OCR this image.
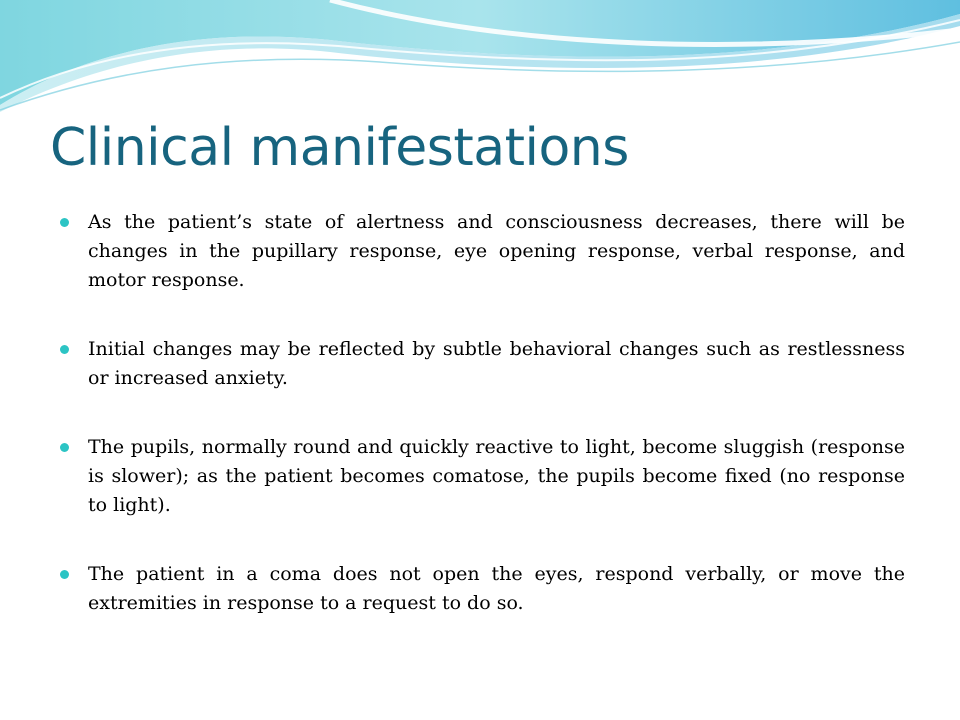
Clinical manifestations
As the patient’s state of alertness and consciousness decreases, there will be changes in the pupillary response, eye opening response, verbal response, and motor response.
Initial changes may be reflected by subtle behavioral changes such as restlessness or increased anxiety.
The pupils, normally round and quickly reactive to light, become sluggish (response is slower); as the patient becomes comatose, the pupils become fixed (no response to light).
The patient in a coma does not open the eyes, respond verbally, or move the extremities in response to a request to do so.
